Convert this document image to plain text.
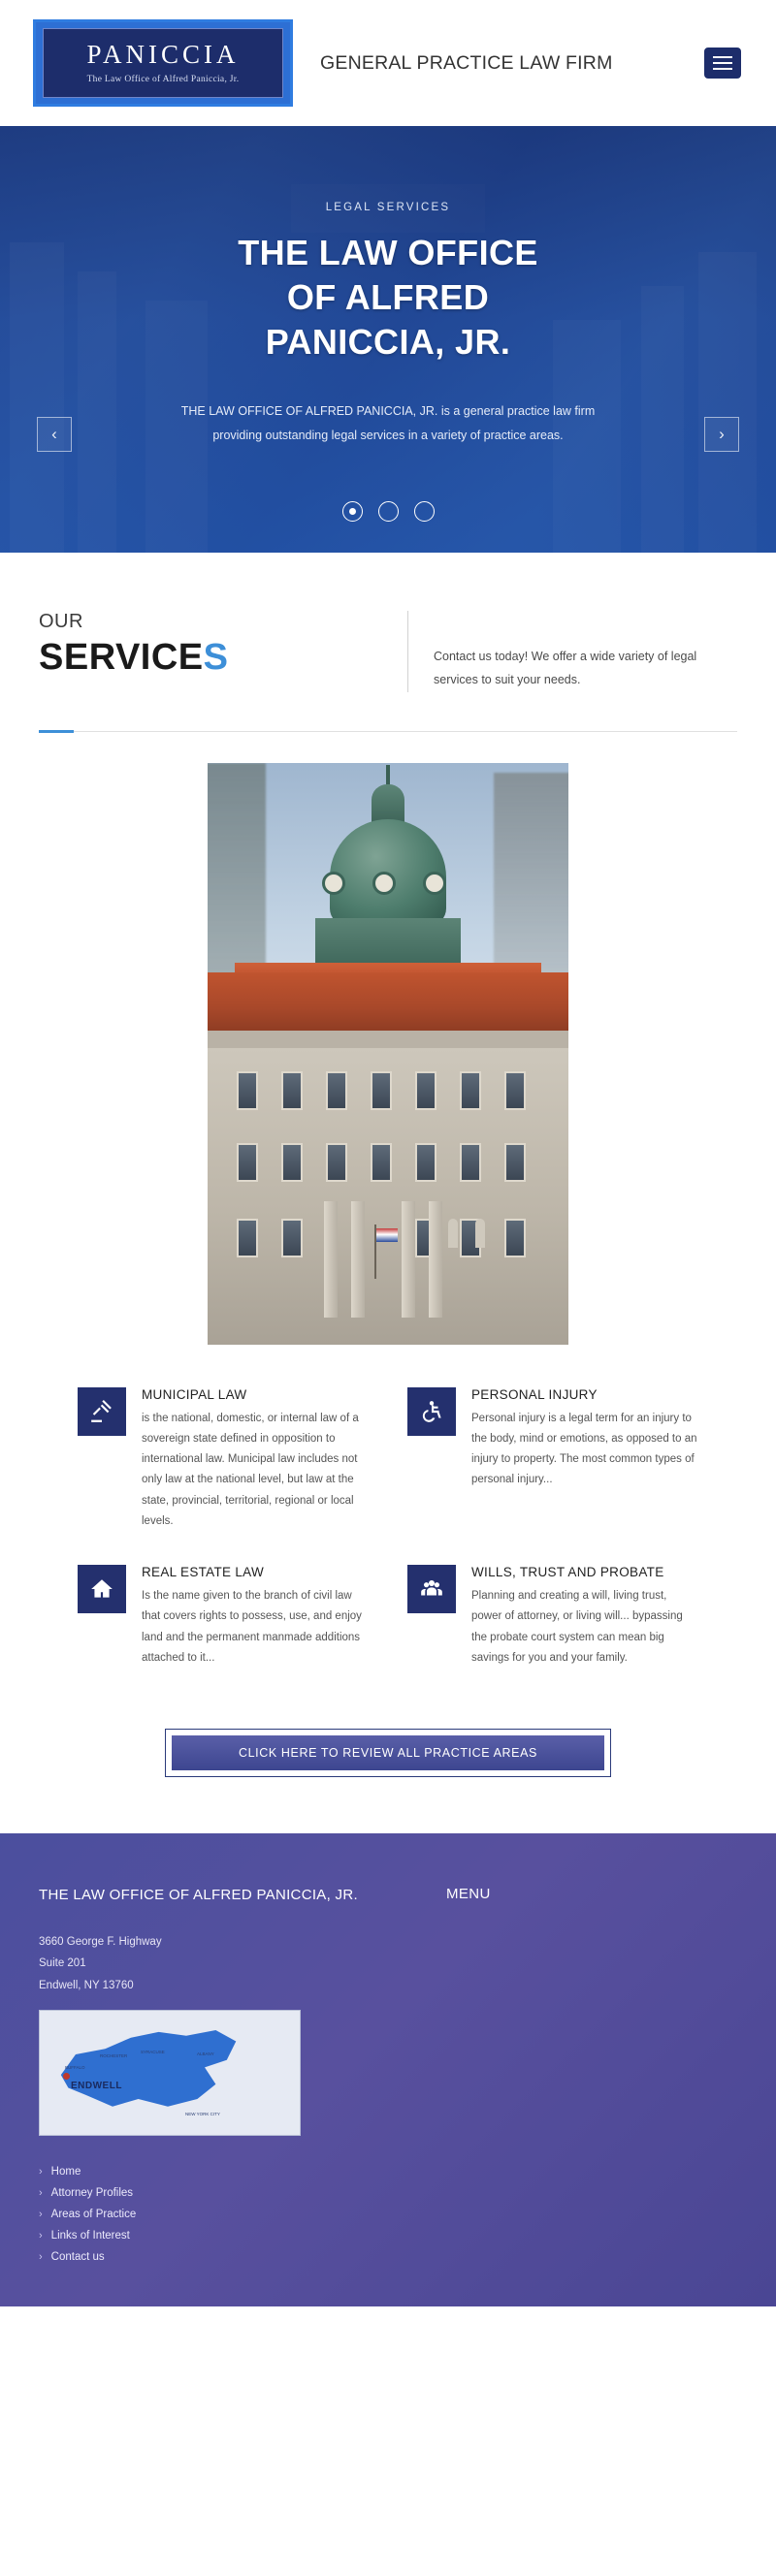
PANICCIA
The Law Office of Alfred Paniccia, Jr.
GENERAL PRACTICE LAW FIRM
LEGAL SERVICES
THE LAW OFFICE
OF ALFRED
PANICCIA, JR.
THE LAW OFFICE OF ALFRED PANICCIA, JR. is a general practice law firm providing outstanding legal services in a variety of practice areas.
‹	›
OUR
SERVICES	Contact us today! We offer a wide variety of legal services to suit your needs.
MUNICIPAL LAW
is the national, domestic, or internal law of a sovereign state defined in opposition to international law. Municipal law includes not only law at the national level, but law at the state, provincial, territorial, regional or local levels.
PERSONAL INJURY
Personal injury is a legal term for an injury to the body, mind or emotions, as opposed to an injury to property. The most common types of personal injury...
REAL ESTATE LAW
Is the name given to the branch of civil law that covers rights to possess, use, and enjoy land and the permanent manmade additions attached to it...
WILLS, TRUST AND PROBATE
Planning and creating a will, living trust, power of attorney, or living will... bypassing the probate court system can mean big savings for you and your family.
CLICK HERE TO REVIEW ALL PRACTICE AREAS
THE LAW OFFICE OF ALFRED PANICCIA, JR.
3660 George F. Highway
Suite 201
Endwell, NY 13760
BUFFALO
ROCHESTER
SYRACUSE	ALBANY
NEW YORK CITY
ENDWELL
› Home
› Attorney Profiles
› Areas of Practice
› Links of Interest
› Contact us
MENU
